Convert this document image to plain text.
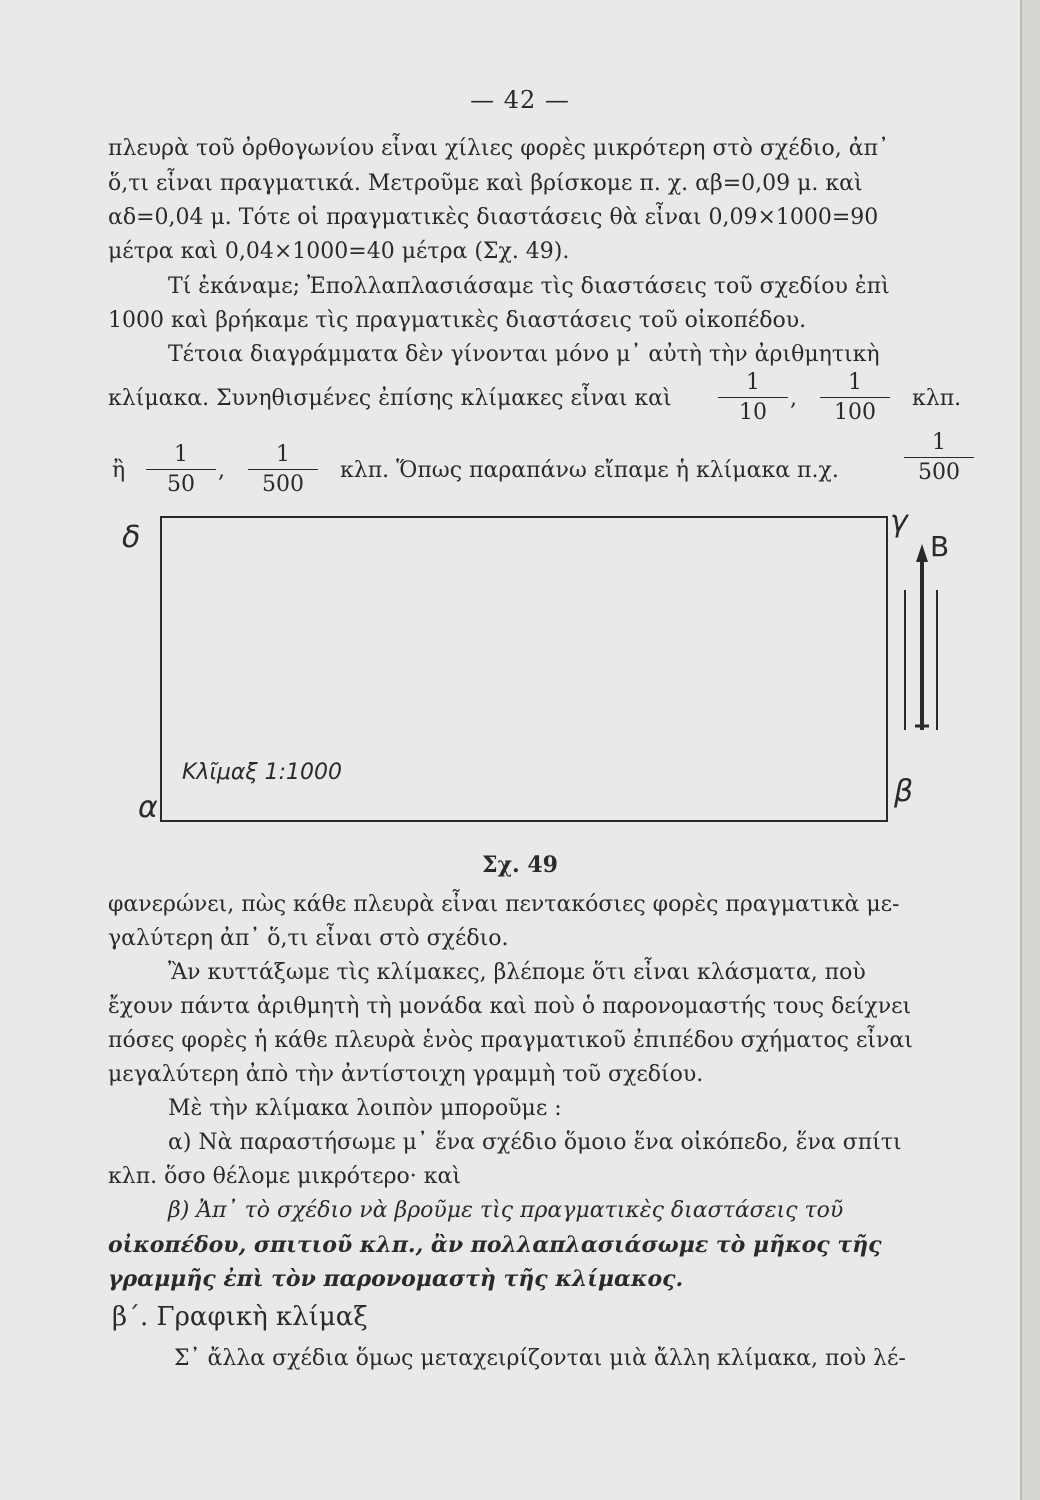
— 42 —
πλευρὰ τοῦ ὀρθογωνίου εἶναι χίλιες φορὲς μικρότερη στὸ σχέδιο, ἀπ᾽
ὅ,τι εἶναι πραγματικά. Μετροῦμε καὶ βρίσκομε π. χ. αβ=0,09 μ. καὶ
αδ=0,04 μ. Τότε οἱ πραγματικὲς διαστάσεις θὰ εἶναι 0,09×1000=90
μέτρα καὶ 0,04×1000=40 μέτρα (Σχ. 49).
Τί ἐκάναμε; Ἐπολλαπλασιάσαμε τὶς διαστάσεις τοῦ σχεδίου ἐπὶ
1000 καὶ βρήκαμε τὶς πραγματικὲς διαστάσεις τοῦ οἰκοπέδου.
Τέτοια διαγράμματα δὲν γίνονται μόνο μ᾽ αὐτὴ τὴν ἀριθμητικὴ
κλίμακα. Συνηθισμένες ἐπίσης κλίμακες εἶναι καὶ
1
10
,
1
100
κλπ.
ἢ
1
50
,
1
500
κλπ. Ὅπως παραπάνω εἴπαμε ἡ κλίμακα π.χ.
1
500
δ	γ
α	β
Κλῖμαξ 1:1000
B
Σχ. 49
φανερώνει, πὼς κάθε πλευρὰ εἶναι πεντακόσιες φορὲς πραγματικὰ με-
γαλύτερη ἀπ᾽ ὅ,τι εἶναι στὸ σχέδιο.
Ἂν κυττάξωμε τὶς κλίμακες, βλέπομε ὅτι εἶναι κλάσματα, ποὺ
ἔχουν πάντα ἀριθμητὴ τὴ μονάδα καὶ ποὺ ὁ παρονομαστής τους δείχνει
πόσες φορὲς ἡ κάθε πλευρὰ ἑνὸς πραγματικοῦ ἐπιπέδου σχήματος εἶναι
μεγαλύτερη ἀπὸ τὴν ἀντίστοιχη γραμμὴ τοῦ σχεδίου.
Μὲ τὴν κλίμακα λοιπὸν μποροῦμε :
α) Νὰ παραστήσωμε μ᾽ ἕνα σχέδιο ὅμοιο ἕνα οἰκόπεδο, ἕνα σπίτι
κλπ. ὅσο θέλομε μικρότερο· καὶ
β) Ἀπ᾽ τὸ σχέδιο νὰ βροῦμε τὶς πραγματικὲς διαστάσεις τοῦ
οἰκοπέδου, σπιτιοῦ κλπ., ἂν πολλαπλασιάσωμε τὸ μῆκος τῆς
γραμμῆς ἐπὶ τὸν παρονομαστὴ τῆς κλίμακος.
β΄. Γραφικὴ κλίμαξ
Σ᾽ ἄλλα σχέδια ὅμως μεταχειρίζονται μιὰ ἄλλη κλίμακα, ποὺ λέ-
